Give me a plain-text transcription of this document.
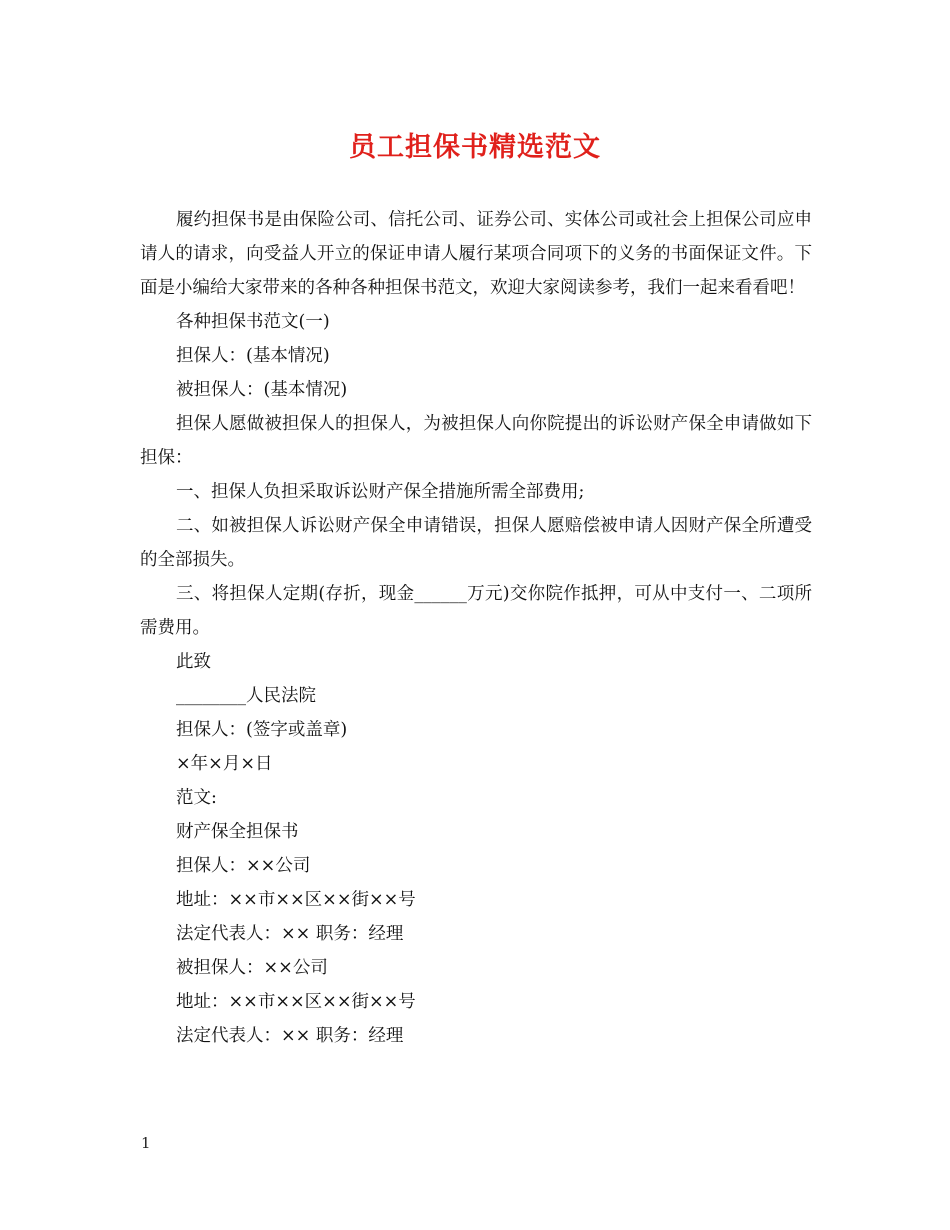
员工担保书精选范文

履约担保书是由保险公司、信托公司、证券公司、实体公司或社会上担保公司应申请人的请求，向受益人开立的保证申请人履行某项合同项下的义务的书面保证文件。下面是小编给大家带来的各种各种担保书范文，欢迎大家阅读参考，我们一起来看看吧！

各种担保书范文(一)

担保人：(基本情况)

被担保人：(基本情况)

担保人愿做被担保人的担保人，为被担保人向你院提出的诉讼财产保全申请做如下担保：

一、担保人负担采取诉讼财产保全措施所需全部费用;

二、如被担保人诉讼财产保全申请错误，担保人愿赔偿被申请人因财产保全所遭受的全部损失。

三、将担保人定期(存折，现金______万元)交你院作抵押，可从中支付一、二项所需费用。

此致

________人民法院

担保人：(签字或盖章)

×年×月×日

范文:

财产保全担保书

担保人：××公司

地址：××市××区××街××号

法定代表人：×× 职务：经理

被担保人：××公司

地址：××市××区××街××号

法定代表人：×× 职务：经理

1
